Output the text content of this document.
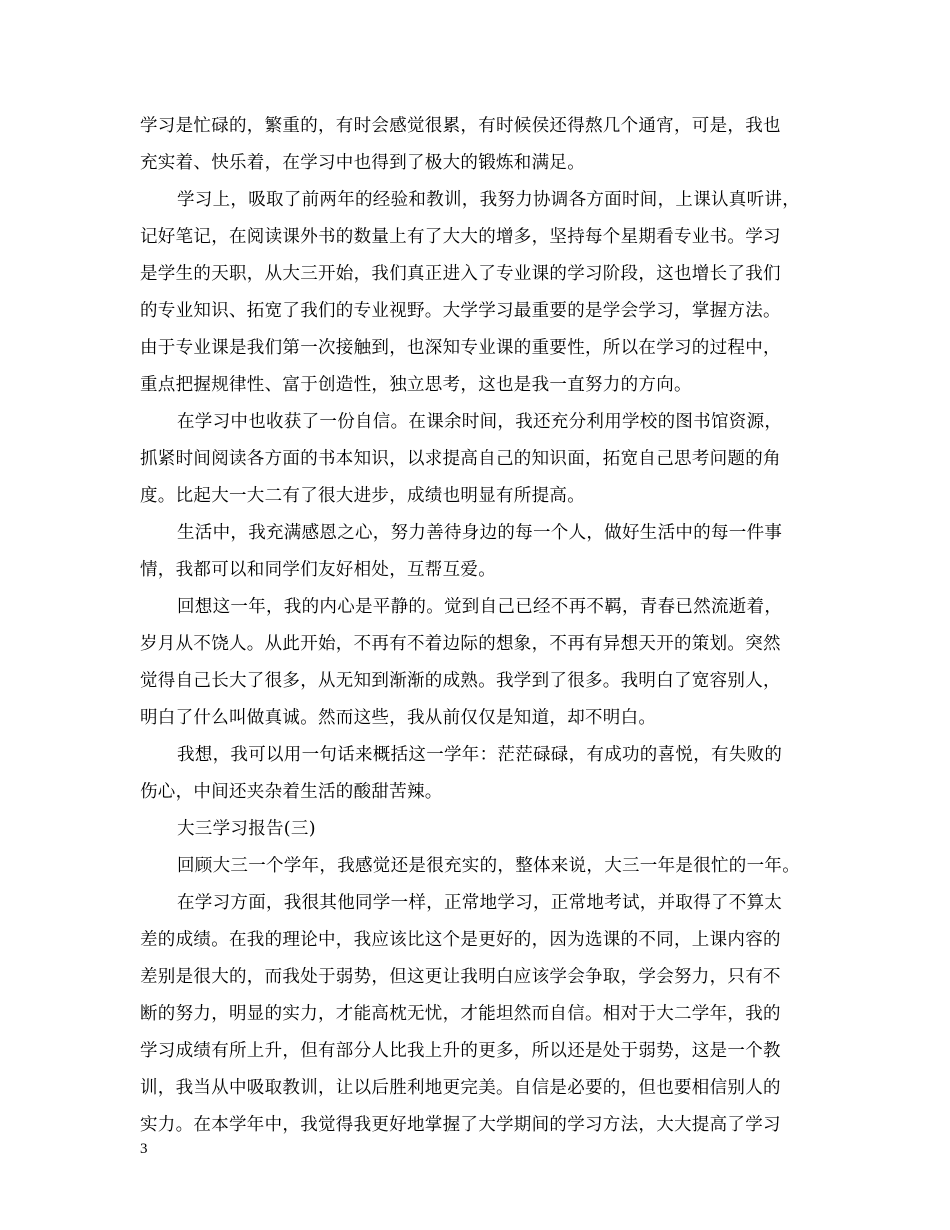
学习是忙碌的，繁重的，有时会感觉很累，有时候侯还得熬几个通宵，可是，我也
充实着、快乐着，在学习中也得到了极大的锻炼和满足。
学习上，吸取了前两年的经验和教训，我努力协调各方面时间，上课认真听讲，
记好笔记，在阅读课外书的数量上有了大大的增多，坚持每个星期看专业书。学习
是学生的天职，从大三开始，我们真正进入了专业课的学习阶段，这也增长了我们
的专业知识、拓宽了我们的专业视野。大学学习最重要的是学会学习，掌握方法。
由于专业课是我们第一次接触到，也深知专业课的重要性，所以在学习的过程中，
重点把握规律性、富于创造性，独立思考，这也是我一直努力的方向。
在学习中也收获了一份自信。在课余时间，我还充分利用学校的图书馆资源，
抓紧时间阅读各方面的书本知识，以求提高自己的知识面，拓宽自己思考问题的角
度。比起大一大二有了很大进步，成绩也明显有所提高。
生活中，我充满感恩之心，努力善待身边的每一个人，做好生活中的每一件事
情，我都可以和同学们友好相处，互帮互爱。
回想这一年，我的内心是平静的。觉到自己已经不再不羁，青春已然流逝着，
岁月从不饶人。从此开始，不再有不着边际的想象，不再有异想天开的策划。突然
觉得自己长大了很多，从无知到渐渐的成熟。我学到了很多。我明白了宽容别人，
明白了什么叫做真诚。然而这些，我从前仅仅是知道，却不明白。
我想，我可以用一句话来概括这一学年：茫茫碌碌，有成功的喜悦，有失败的
伤心，中间还夹杂着生活的酸甜苦辣。
大三学习报告(三)
回顾大三一个学年，我感觉还是很充实的，整体来说，大三一年是很忙的一年。
在学习方面，我很其他同学一样，正常地学习，正常地考试，并取得了不算太
差的成绩。在我的理论中，我应该比这个是更好的，因为选课的不同，上课内容的
差别是很大的，而我处于弱势，但这更让我明白应该学会争取，学会努力，只有不
断的努力，明显的实力，才能高枕无忧，才能坦然而自信。相对于大二学年，我的
学习成绩有所上升，但有部分人比我上升的更多，所以还是处于弱势，这是一个教
训，我当从中吸取教训，让以后胜利地更完美。自信是必要的，但也要相信别人的
实力。在本学年中，我觉得我更好地掌握了大学期间的学习方法，大大提高了学习
3
